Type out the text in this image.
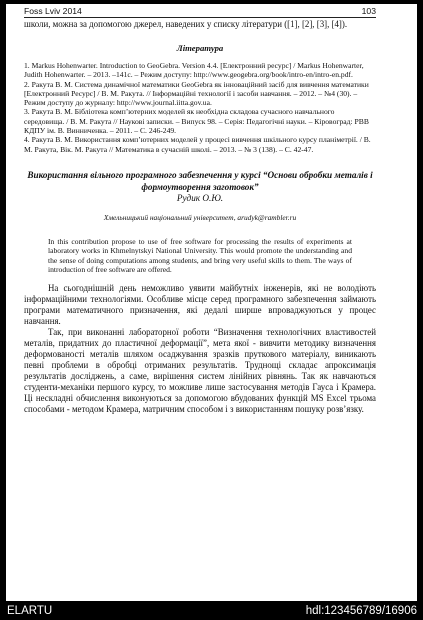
Foss Lviv 2014	103

школи, можна за допомогою джерел, наведених у списку літератури ([1], [2], [3], [4]).

Література
1. Markus Hohenwarter. Introduction to GeoGebra. Version 4.4. [Електронний ресурс] / Markus Hohenwarter, Judith Hohenwarter. – 2013. –141c. – Режим доступу: http://www.geogebra.org/book/intro-en/intro-en.pdf.
2. Ракута В. М. Система динамічної математики GeoGebra як інноваційний засіб для вивчення математики [Електронний Ресурс] / В. М. Ракута. // Інформаційні технології і засоби навчання. – 2012. – №4 (30). – Режим доступу до журналу: http://www.journal.iitta.gov.ua.
3. Ракута В. М. Бібліотека комп’ютерних моделей як необхідна складова сучасного навчального середовища. / В. М. Ракута // Наукові записки. – Випуск 98. – Серія: Педагогічні науки. – Кіровоград: РВВ КДПУ ім. В. Винниченка. – 2011. – С. 246-249.
4. Ракута В. М. Використання комп’ютерних моделей у процесі вивчення шкільного курсу планіметрії. / В. М. Ракута, Вік. М. Ракута // Математика в сучасній школі. – 2013. – № 3 (138). – С. 42-47.
Використання вільного програмного забезпечення у курсі “Основи обробки металів і формоутворення заготовок”

Рудик О.Ю.

Хмельницький національний університет, arudyk@rambler.ru

In this contribution propose to use of free software for processing the results of experiments at laboratory works in Khmelnytskyi National University. This would promote the understanding and the sense of doing computations among students, and bring very useful skills to them. The ways of introduction of free software are offered.

На сьогоднішній день неможливо уявити майбутніх інженерів, які не володіють інформаційними технологіями. Особливе місце серед програмного забезпечення займають програми математичного призначення, які дедалі ширше впроваджуються у процес навчання.

Так, при виконанні лабораторної роботи “Визначення технологічних властивостей металів, придатних до пластичної деформації”, мета якої - вивчити методику визначення деформованості металів шляхом осаджування зразків пруткового матеріалу, виникають певні проблеми в обробці отриманих результатів. Труднощі складає апроксимація результатів досліджень, а саме, вирішення систем лінійних рівнянь. Так як навчаються студенти-механіки першого курсу, то можливе лише застосування методів Гауса і Крамера. Ці нескладні обчислення виконуються за допомогою вбудованих функцій MS Excel трьома способами - методом Крамера, матричним способом і з використанням пошуку розв’язку.

ELARTU	hdl:123456789/16906
